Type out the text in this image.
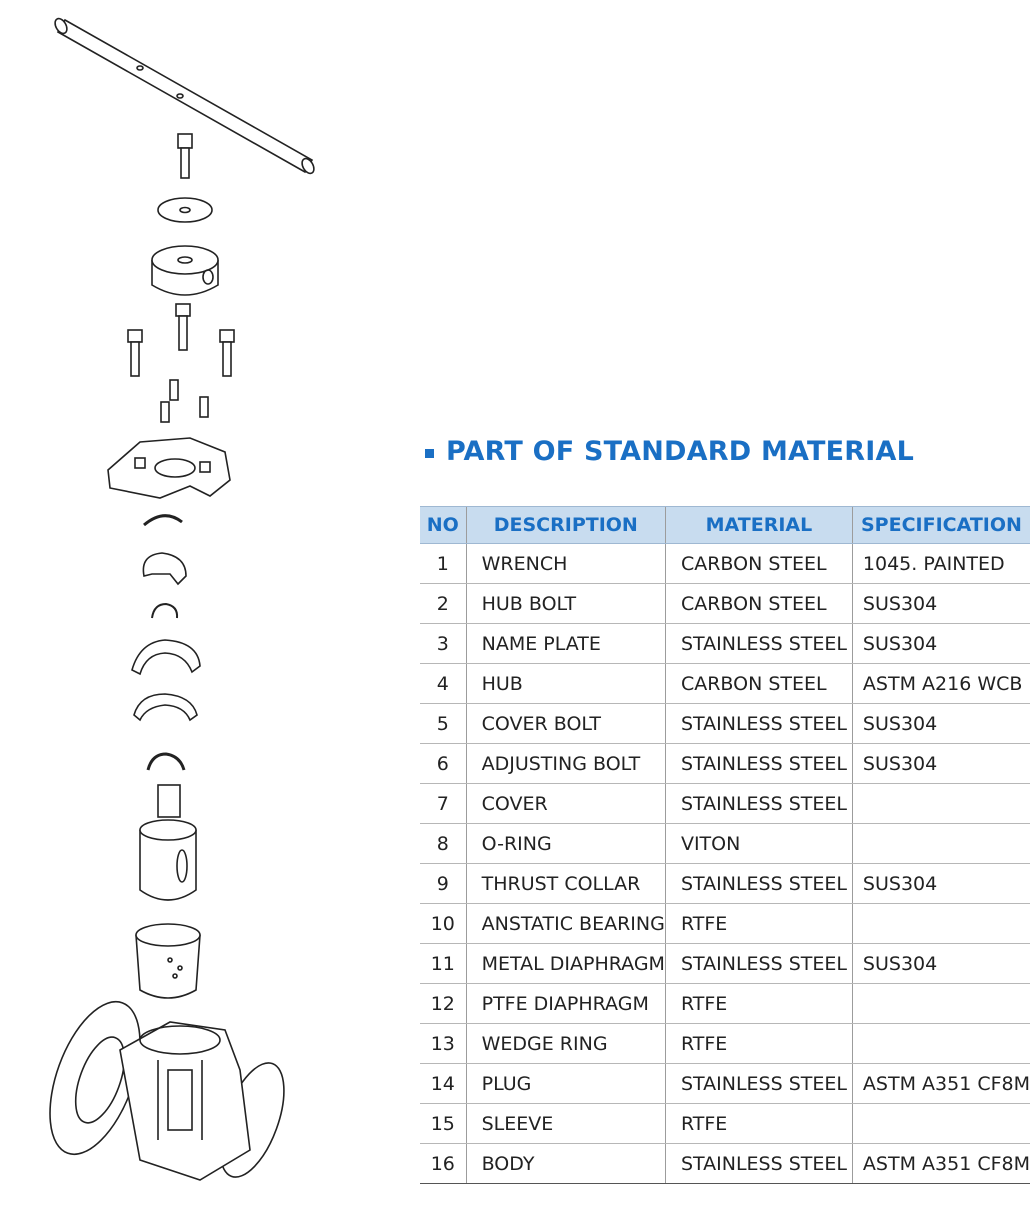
PART OF STANDARD MATERIAL
NO	DESCRIPTION	MATERIAL	SPECIFICATION
1	WRENCH	CARBON STEEL	1045. PAINTED
2	HUB BOLT	CARBON STEEL	SUS304
3	NAME PLATE	STAINLESS STEEL	SUS304
4	HUB	CARBON STEEL	ASTM A216 WCB
5	COVER BOLT	STAINLESS STEEL	SUS304
6	ADJUSTING BOLT	STAINLESS STEEL	SUS304
7	COVER	STAINLESS STEEL	
8	O-RING	VITON	
9	THRUST COLLAR	STAINLESS STEEL	SUS304
10	ANSTATIC BEARING	RTFE	
11	METAL DIAPHRAGM	STAINLESS STEEL	SUS304
12	PTFE DIAPHRAGM	RTFE	
13	WEDGE RING	RTFE	
14	PLUG	STAINLESS STEEL	ASTM A351 CF8M
15	SLEEVE	RTFE	
16	BODY	STAINLESS STEEL	ASTM A351 CF8M
